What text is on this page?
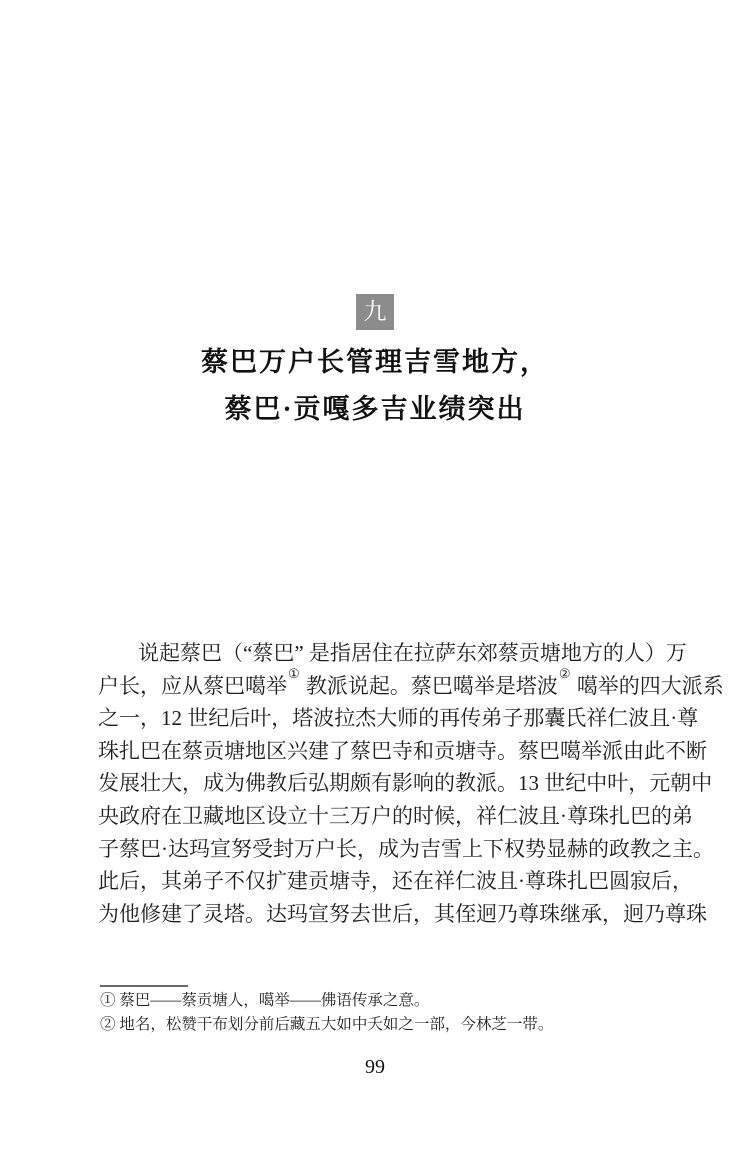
九
蔡巴万户长管理吉雪地方，
蔡巴·贡嘎多吉业绩突出
说起蔡巴（“蔡巴” 是指居住在拉萨东郊蔡贡塘地方的人）万
户长，应从蔡巴噶举① 教派说起。蔡巴噶举是塔波② 噶举的四大派系
之一，12 世纪后叶，塔波拉杰大师的再传弟子那囊氏祥仁波且·尊
珠扎巴在蔡贡塘地区兴建了蔡巴寺和贡塘寺。蔡巴噶举派由此不断
发展壮大，成为佛教后弘期颇有影响的教派。13 世纪中叶，元朝中
央政府在卫藏地区设立十三万户的时候，祥仁波且·尊珠扎巴的弟
子蔡巴·达玛宣努受封万户长，成为吉雪上下权势显赫的政教之主。
此后，其弟子不仅扩建贡塘寺，还在祥仁波且·尊珠扎巴圆寂后，
为他修建了灵塔。达玛宣努去世后，其侄迥乃尊珠继承，迥乃尊珠
① 蔡巴——蔡贡塘人，噶举——佛语传承之意。
② 地名，松赞干布划分前后藏五大如中夭如之一部，今林芝一带。
99
